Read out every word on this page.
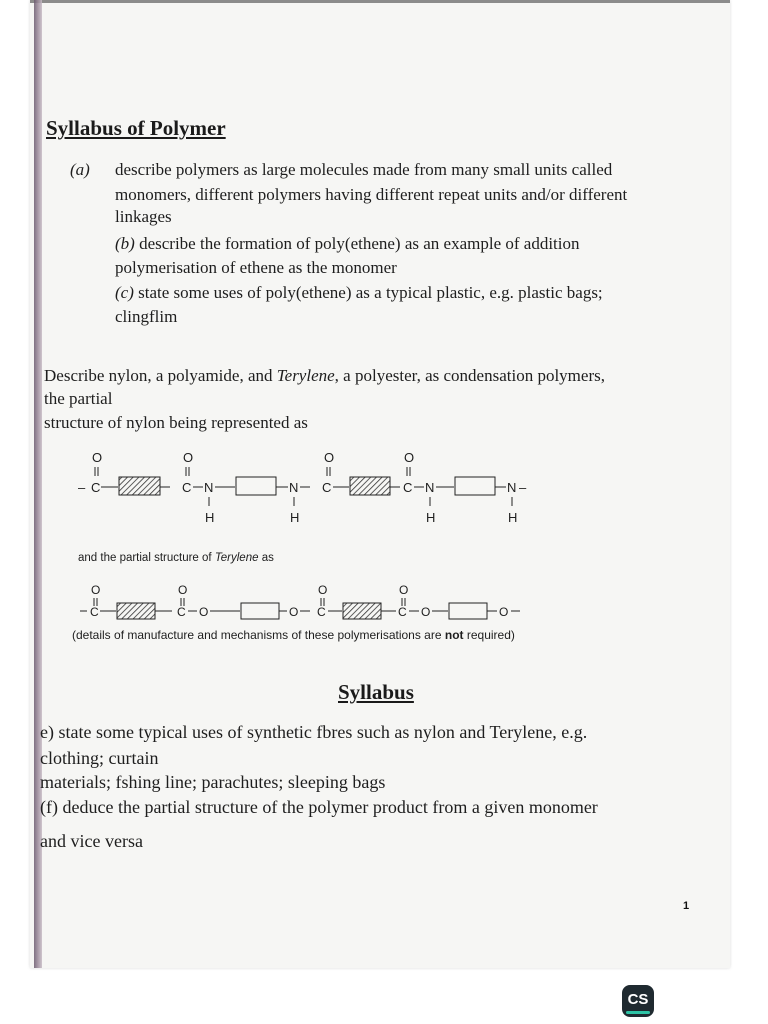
Syllabus of Polymer
(a) describe polymers as large molecules made from many small units called
monomers, different polymers having different repeat units and/or different
linkages
(b) describe the formation of poly(ethene) as an example of addition
polymerisation of ethene as the monomer
(c) state some uses of poly(ethene) as a typical plastic, e.g. plastic bags;
clingflim
Describe nylon, a polyamide, and Terylene, a polyester, as condensation polymers,
the partial
structure of nylon being represented as
O
– C
O
C N
H
N
H
O
C
O
C N
H
N
H
–
and the partial structure of Terylene as
O
C
O
C O	O
O
C
O
C O	O
(details of manufacture and mechanisms of these polymerisations are not required)
Syllabus
e) state some typical uses of synthetic fbres such as nylon and Terylene, e.g.
clothing; curtain
materials; fshing line; parachutes; sleeping bags
(f) deduce the partial structure of the polymer product from a given monomer
and vice versa
1
CS
